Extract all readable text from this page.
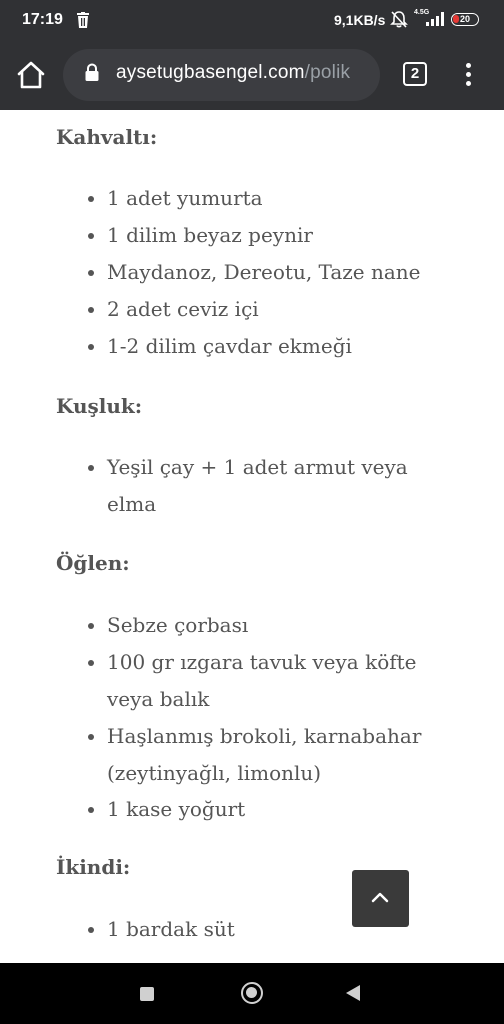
17:19	9,1KB/s	4.5G
20
aysetugbasengel.com/polik	2
Kahvaltı:
1 adet yumurta
1 dilim beyaz peynir
Maydanoz, Dereotu, Taze nane
2 adet ceviz içi
1-2 dilim çavdar ekmeği
Kuşluk:
Yeşil çay + 1 adet armut veya elma
Öğlen:
Sebze çorbası
100 gr ızgara tavuk veya köfte veya balık
Haşlanmış brokoli, karnabahar (zeytinyağlı, limonlu)
1 kase yoğurt
İkindi:
1 bardak süt
